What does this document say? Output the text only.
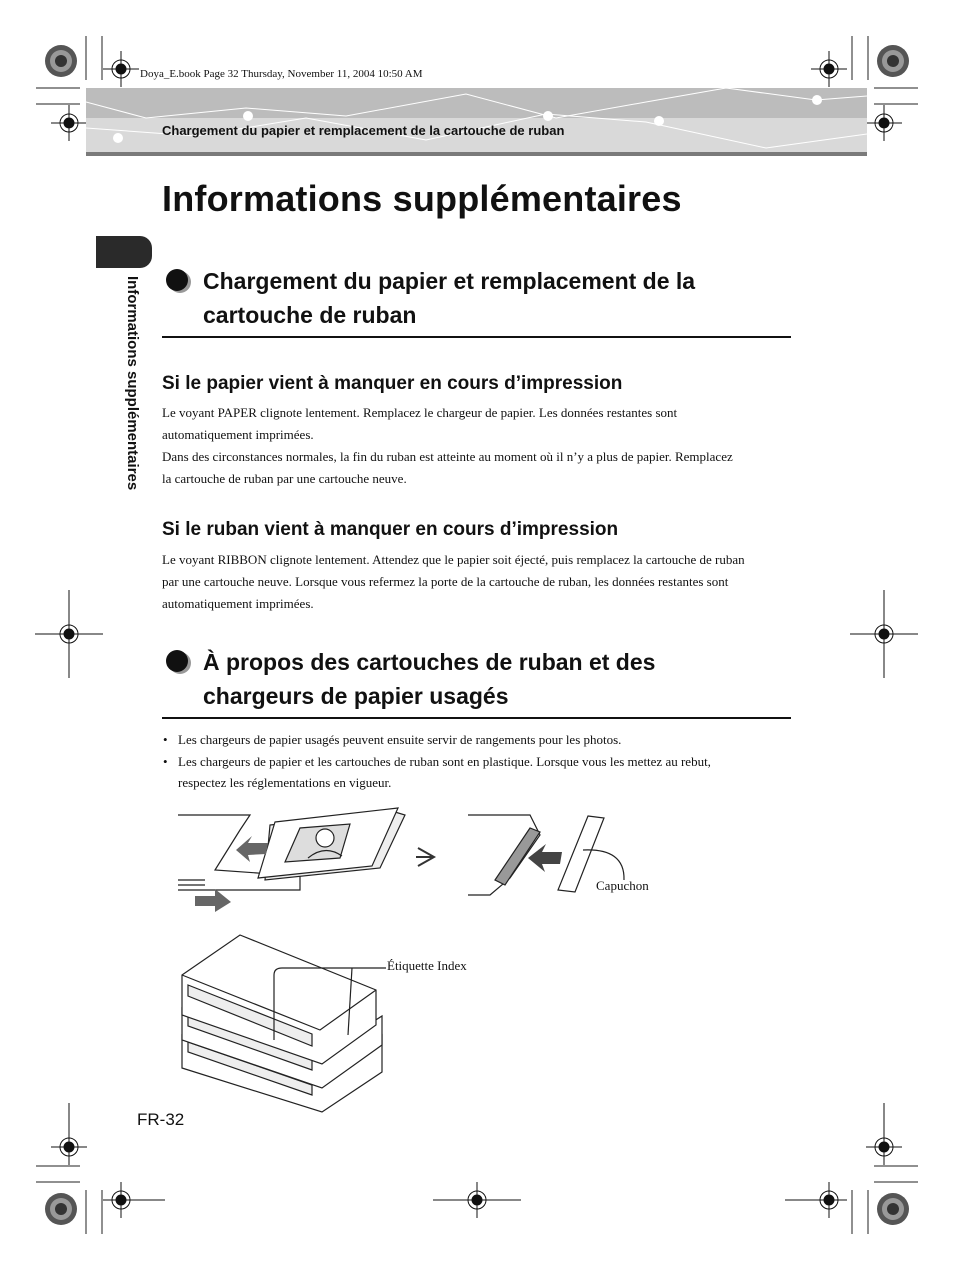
Doya_E.book Page 32 Thursday, November 11, 2004 10:50 AM
Chargement du papier et remplacement de la cartouche de ruban
Informations supplémentaires
Informations supplémentaires	Chargement du papier et remplacement de la
cartouche de ruban
Si le papier vient à manquer en cours d’impression
Le voyant PAPER clignote lentement. Remplacez le chargeur de papier. Les données restantes sont
automatiquement imprimées.
Dans des circonstances normales, la fin du ruban est atteinte au moment où il n’y a plus de papier. Remplacez
la cartouche de ruban par une cartouche neuve.
Si le ruban vient à manquer en cours d’impression
Le voyant RIBBON clignote lentement. Attendez que le papier soit éjecté, puis remplacez la cartouche de ruban
par une cartouche neuve. Lorsque vous refermez la porte de la cartouche de ruban, les données restantes sont
automatiquement imprimées.
À propos des cartouches de ruban et des
chargeurs de papier usagés
• Les chargeurs de papier usagés peuvent ensuite servir de rangements pour les photos.
• Les chargeurs de papier et les cartouches de ruban sont en plastique. Lorsque vous les mettez au rebut,
respectez les réglementations en vigueur.
Capuchon
Étiquette Index
FR-32
